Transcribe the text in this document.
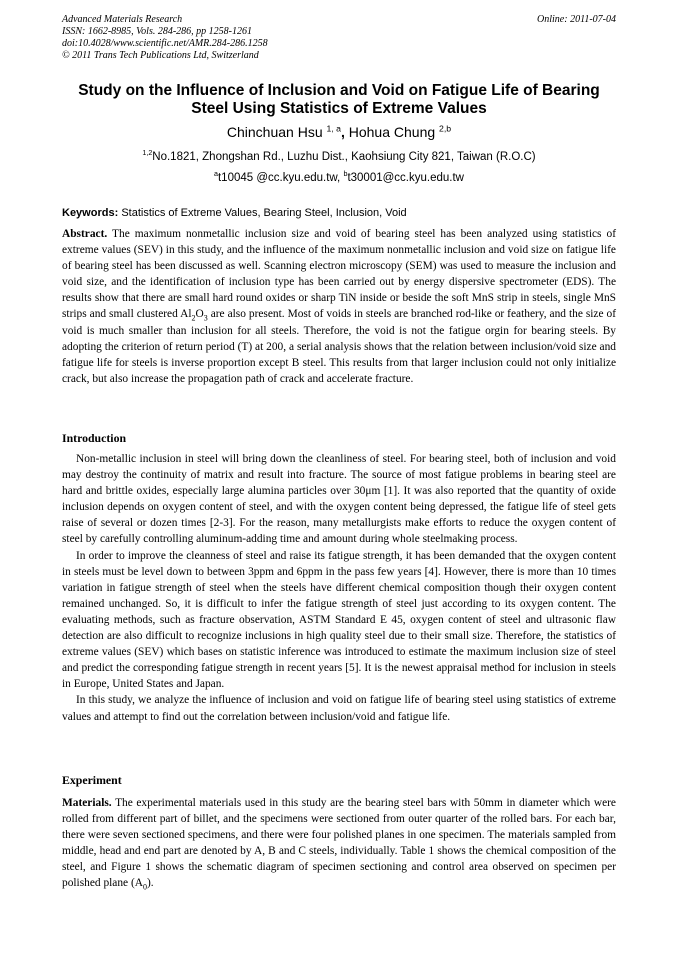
Advanced Materials Research
ISSN: 1662-8985, Vols. 284-286, pp 1258-1261
doi:10.4028/www.scientific.net/AMR.284-286.1258
© 2011 Trans Tech Publications Ltd, Switzerland
Online: 2011-07-04
Study on the Influence of Inclusion and Void on Fatigue Life of Bearing
Steel Using Statistics of Extreme Values
Chinchuan Hsu $^{1, a}$, Hohua Chung $^{2,b}$
$^{1,2}$No.1821, Zhongshan Rd., Luzhu Dist., Kaohsiung City 821, Taiwan (R.O.C)
$^a$t10045 @cc.kyu.edu.tw, $^b$t30001@cc.kyu.edu.tw
Keywords: Statistics of Extreme Values, Bearing Steel, Inclusion, Void

Abstract. The maximum nonmetallic inclusion size and void of bearing steel has been analyzed using statistics of extreme values (SEV) in this study, and the influence of the maximum nonmetallic inclusion and void size on fatigue life of bearing steel has been discussed as well. Scanning electron microscopy (SEM) was used to measure the inclusion and void size, and the identification of inclusion type has been carried out by energy dispersive spectrometer (EDS). The results show that there are small hard round oxides or sharp TiN inside or beside the soft MnS strip in steels, single MnS strips and small clustered $Al_2O_3$ are also present. Most of voids in steels are branched rod-like or feathery, and the size of void is much smaller than inclusion for all steels. Therefore, the void is not the fatigue orgin for bearing steels. By adopting the criterion of return period (T) at 200, a serial analysis shows that the relation between inclusion/void size and fatigue life for steels is inverse proportion except B steel. This results from that larger inclusion could not only initialize crack, but also increase the propagation path of crack and accelerate fracture.

Introduction

Non-metallic inclusion in steel will bring down the cleanliness of steel. For bearing steel, both of inclusion and void may destroy the continuity of matrix and result into fracture. The source of most fatigue problems in bearing steel are hard and brittle oxides, especially large alumina particles over 30μm [1]. It was also reported that the quantity of oxide inclusion depends on oxygen content of steel, and with the oxygen content being depressed, the fatigue life of steel gets raise of several or dozen times [2-3]. For the reason, many metallurgists make efforts to reduce the oxygen content of steel by carefully controlling aluminum-adding time and amount during whole steelmaking process.

In order to improve the cleanness of steel and raise its fatigue strength, it has been demanded that the oxygen content in steels must be level down to between 3ppm and 6ppm in the pass few years [4]. However, there is more than 10 times variation in fatigue strength of steel when the steels have different chemical composition though their oxygen content remained unchanged. So, it is difficult to infer the fatigue strength of steel just according to its oxygen content. The evaluating methods, such as fracture observation, ASTM Standard E 45, oxygen content of steel and ultrasonic flaw detection are also difficult to recognize inclusions in high quality steel due to their small size. Therefore, the statistics of extreme values (SEV) which bases on statistic inference was introduced to estimate the maximum inclusion size of steel and predict the corresponding fatigue strength in recent years [5]. It is the newest appraisal method for inclusion in steels in Europe, United States and Japan.

In this study, we analyze the influence of inclusion and void on fatigue life of bearing steel using statistics of extreme values and attempt to find out the correlation between inclusion/void and fatigue life.

Experiment

Materials. The experimental materials used in this study are the bearing steel bars with 50mm in diameter which were rolled from different part of billet, and the specimens were sectioned from outer quarter of the rolled bars. For each bar, there were seven sectioned specimens, and there were four polished planes in one specimen. The materials sampled from middle, head and end part are denoted by A, B and C steels, individually. Table 1 shows the chemical composition of the steel, and Figure 1 shows the schematic diagram of specimen sectioning and control area observed on specimen per polished plane $(A_0)$.
